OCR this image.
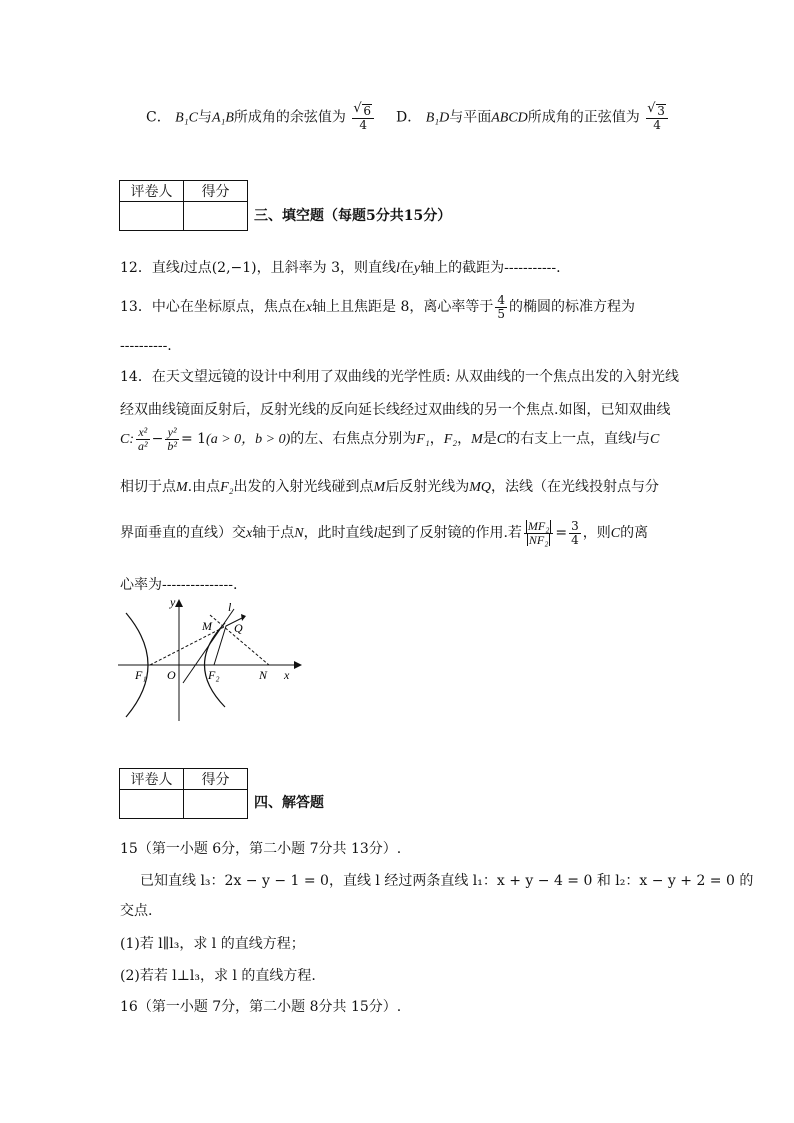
C． B₁C与A₁B所成角的余弦值为 √ $\frac{6}{4}$ D． B₁D与平面ABCD所成角的正弦值为 √ $\frac{3}{4}$
评卷人	得分

三、填空题（每题5分共15分）
12．直线l过点(2,−1)，且斜率为 3，则直线l在y轴上的截距为-----------.
13．中心在坐标原点，焦点在x轴上且焦距是 8，离心率等于 $\frac{4}{5}$ 的椭圆的标准方程为
----------.
14．在天文望远镜的设计中利用了双曲线的光学性质: 从双曲线的一个焦点出发的入射光线
经双曲线镜面反射后，反射光线的反向延长线经过双曲线的另一个焦点.如图，已知双曲线
C: $\frac{\text{x²}}{\text{a²}} - \frac{\text{y²}}{\text{b²}} = 1(a > 0$，b > 0)的左、右焦点分别为F₁，F₂，M是C的右支上一点，直线l与C
相切于点M.由点F₂出发的入射光线碰到点M后反射光线为MQ，法线（在光线投射点与分
界面垂直的直线）交x轴于点N，此时直线l起到了反射镜的作用.若 $\frac{\text{MF₂}}{\text{NF₂}} = \frac{3}{4}$ ，则C的离
心率为---------------.
y	l
M Q
F₁ O	F₂	N x
评卷人	得分

四、解答题
15（第一小题 6分，第二小题 7分共 13分）.
已知直线 l₃：2x − y − 1 = 0，直线 l 经过两条直线 l₁：x + y − 4 = 0 和 l₂：x − y + 2 = 0 的
交点.
(1)若 l∥l₃，求 l 的直线方程；
(2)若若 l⊥l₃，求 l 的直线方程.
16（第一小题 7分，第二小题 8分共 15分）.
